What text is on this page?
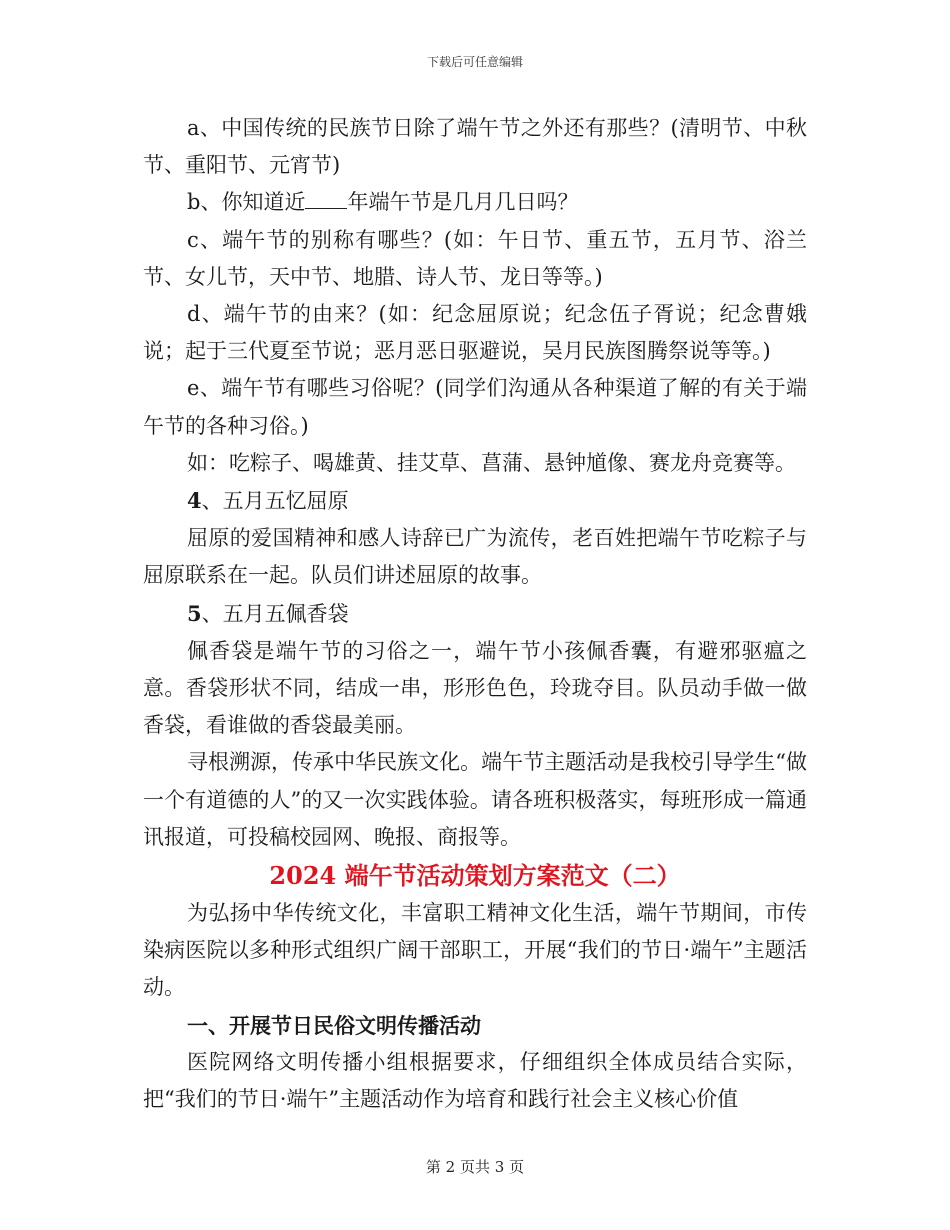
下载后可任意编辑

a、中国传统的民族节日除了端午节之外还有那些？(清明节、中秋节、重阳节、元宵节)

b、你知道近 年端午节是几月几日吗？

c、端午节的别称有哪些？(如：午日节、重五节，五月节、浴兰节、女儿节，天中节、地腊、诗人节、龙日等等。)

d、端午节的由来？(如：纪念屈原说；纪念伍子胥说；纪念曹娥说；起于三代夏至节说；恶月恶日驱避说，吴月民族图腾祭说等等。)

e、端午节有哪些习俗呢？(同学们沟通从各种渠道了解的有关于端午节的各种习俗。)

如：吃粽子、喝雄黄、挂艾草、菖蒲、悬钟馗像、赛龙舟竞赛等。

4、五月五忆屈原

屈原的爱国精神和感人诗辞已广为流传，老百姓把端午节吃粽子与屈原联系在一起。队员们讲述屈原的故事。

5、五月五佩香袋

佩香袋是端午节的习俗之一，端午节小孩佩香囊，有避邪驱瘟之意。香袋形状不同，结成一串，形形色色，玲珑夺目。队员动手做一做香袋，看谁做的香袋最美丽。

寻根溯源，传承中华民族文化。端午节主题活动是我校引导学生“做一个有道德的人”的又一次实践体验。请各班积极落实，每班形成一篇通讯报道，可投稿校园网、晚报、商报等。

2024 端午节活动策划方案范文（二）

为弘扬中华传统文化，丰富职工精神文化生活，端午节期间，市传染病医院以多种形式组织广阔干部职工，开展“我们的节日·端午”主题活动。

一、开展节日民俗文明传播活动

医院网络文明传播小组根据要求，仔细组织全体成员结合实际，把“我们的节日·端午”主题活动作为培育和践行社会主义核心价值

第 2 页共 3 页
